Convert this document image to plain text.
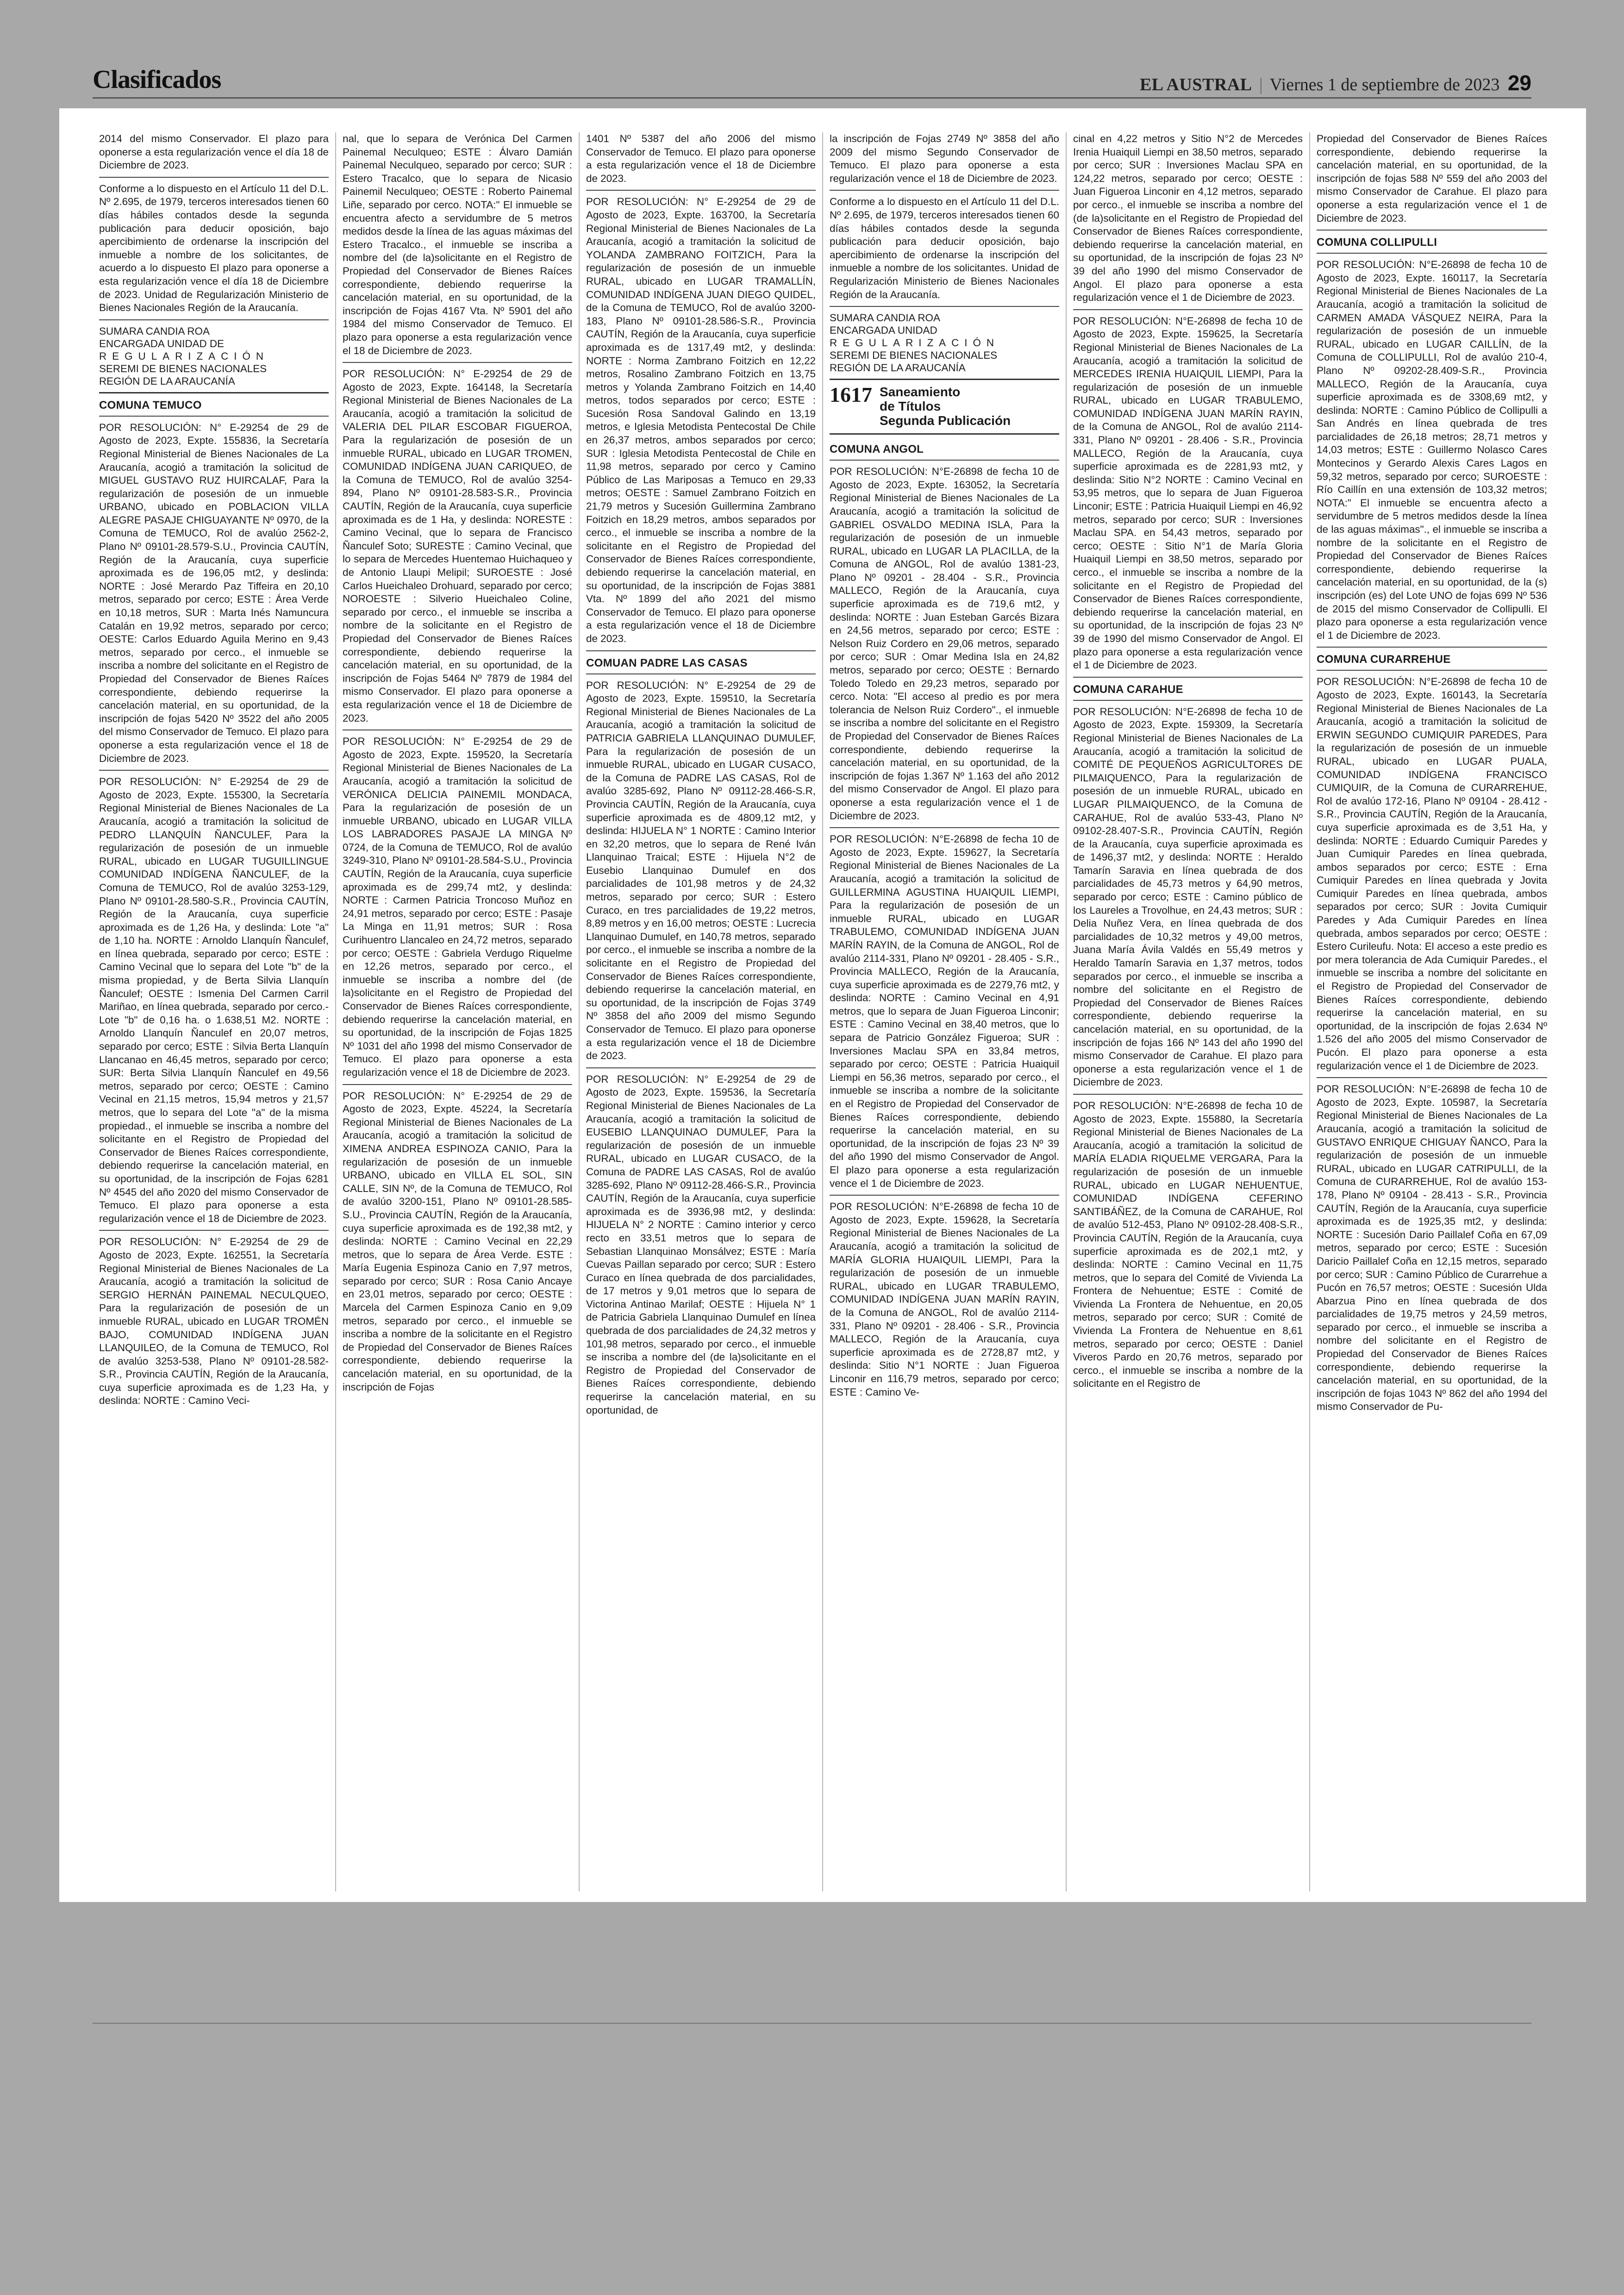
Clasificados	EL AUSTRAL | Viernes 1 de septiembre de 2023 29

2014 del mismo Conservador. El plazo para oponerse a esta regularización vence el día 18 de Diciembre de 2023.

Conforme a lo dispuesto en el Artículo 11 del D.L. Nº 2.695, de 1979, terceros interesados tienen 60 días hábiles contados desde la segunda publicación para deducir oposición, bajo apercibimiento de ordenarse la inscripción del inmueble a nombre de los solicitantes, de acuerdo a lo dispuesto El plazo para oponerse a esta regularización vence el día 18 de Diciembre de 2023. Unidad de Regularización Ministerio de Bienes Nacionales Región de la Araucanía.

SUMARA CANDIA ROA
ENCARGADA UNIDAD DE
REGULARIZACIÓN
SEREMI DE BIENES NACIONALES
REGIÓN DE LA ARAUCANÍA
COMUNA TEMUCO

POR RESOLUCIÓN: N° E-29254 de 29 de Agosto de 2023, Expte. 155836, la Secretaría Regional Ministerial de Bienes Nacionales de La Araucanía, acogió a tramitación la solicitud de MIGUEL GUSTAVO RUZ HUIRCALAF, Para la regularización de posesión de un inmueble URBANO, ubicado en POBLACION VILLA ALEGRE PASAJE CHIGUAYANTE Nº 0970, de la Comuna de TEMUCO, Rol de avalúo 2562-2, Plano Nº 09101-28.579-S.U., Provincia CAUTÍN, Región de la Araucanía, cuya superficie aproximada es de 196,05 mt2, y deslinda: NORTE : José Merardo Paz Tiffeira en 20,10 metros, separado por cerco; ESTE : Área Verde en 10,18 metros, SUR : Marta Inés Namuncura Catalán en 19,92 metros, separado por cerco; OESTE: Carlos Eduardo Aguila Merino en 9,43 metros, separado por cerco., el inmueble se inscriba a nombre del solicitante en el Registro de Propiedad del Conservador de Bienes Raíces correspondiente, debiendo requerirse la cancelación material, en su oportunidad, de la inscripción de fojas 5420 Nº 3522 del año 2005 del mismo Conservador de Temuco. El plazo para oponerse a esta regularización vence el 18 de Diciembre de 2023.

POR RESOLUCIÓN: N° E-29254 de 29 de Agosto de 2023, Expte. 155300, la Secretaría Regional Ministerial de Bienes Nacionales de La Araucanía, acogió a tramitación la solicitud de PEDRO LLANQUÍN ÑANCULEF, Para la regularización de posesión de un inmueble RURAL, ubicado en LUGAR TUGUILLINGUE COMUNIDAD INDÍGENA ÑANCULEF, de la Comuna de TEMUCO, Rol de avalúo 3253-129, Plano Nº 09101-28.580-S.R., Provincia CAUTÍN, Región de la Araucanía, cuya superficie aproximada es de 1,26 Ha, y deslinda: Lote "a" de 1,10 ha. NORTE : Arnoldo Llanquín Ñanculef, en línea quebrada, separado por cerco; ESTE : Camino Vecinal que lo separa del Lote "b" de la misma propiedad, y de Berta Silvia Llanquín Ñanculef; OESTE : Ismenia Del Carmen Carril Mariñao, en línea quebrada, separado por cerco.- Lote "b" de 0,16 ha. o 1.638,51 M2. NORTE : Arnoldo Llanquín Ñanculef en 20,07 metros, separado por cerco; ESTE : Silvia Berta Llanquín Llancanao en 46,45 metros, separado por cerco; SUR: Berta Silvia Llanquín Ñanculef en 49,56 metros, separado por cerco; OESTE : Camino Vecinal en 21,15 metros, 15,94 metros y 21,57 metros, que lo separa del Lote "a" de la misma propiedad., el inmueble se inscriba a nombre del solicitante en el Registro de Propiedad del Conservador de Bienes Raíces correspondiente, debiendo requerirse la cancelación material, en su oportunidad, de la inscripción de Fojas 6281 Nº 4545 del año 2020 del mismo Conservador de Temuco. El plazo para oponerse a esta regularización vence el 18 de Diciembre de 2023.

POR RESOLUCIÓN: N° E-29254 de 29 de Agosto de 2023, Expte. 162551, la Secretaría Regional Ministerial de Bienes Nacionales de La Araucanía, acogió a tramitación la solicitud de SERGIO HERNÁN PAINEMAL NECULQUEO, Para la regularización de posesión de un inmueble RURAL, ubicado en LUGAR TROMÉN BAJO, COMUNIDAD INDÍGENA JUAN LLANQUILEO, de la Comuna de TEMUCO, Rol de avalúo 3253-538, Plano Nº 09101-28.582-S.R., Provincia CAUTÍN, Región de la Araucanía, cuya superficie aproximada es de 1,23 Ha, y deslinda: NORTE : Camino Veci-

nal, que lo separa de Verónica Del Carmen Painemal Neculqueo; ESTE : Álvaro Damián Painemal Neculqueo, separado por cerco; SUR : Estero Tracalco, que lo separa de Nicasio Painemil Neculqueo; OESTE : Roberto Painemal Liñe, separado por cerco. NOTA:" El inmueble se encuentra afecto a servidumbre de 5 metros medidos desde la línea de las aguas máximas del Estero Tracalco., el inmueble se inscriba a nombre del (de la)solicitante en el Registro de Propiedad del Conservador de Bienes Raíces correspondiente, debiendo requerirse la cancelación material, en su oportunidad, de la inscripción de Fojas 4167 Vta. Nº 5901 del año 1984 del mismo Conservador de Temuco. El plazo para oponerse a esta regularización vence el 18 de Diciembre de 2023.

POR RESOLUCIÓN: N° E-29254 de 29 de Agosto de 2023, Expte. 164148, la Secretaría Regional Ministerial de Bienes Nacionales de La Araucanía, acogió a tramitación la solicitud de VALERIA DEL PILAR ESCOBAR FIGUEROA, Para la regularización de posesión de un inmueble RURAL, ubicado en LUGAR TROMEN, COMUNIDAD INDÍGENA JUAN CARIQUEO, de la Comuna de TEMUCO, Rol de avalúo 3254-894, Plano Nº 09101-28.583-S.R., Provincia CAUTÍN, Región de la Araucanía, cuya superficie aproximada es de 1 Ha, y deslinda: NORESTE : Camino Vecinal, que lo separa de Francisco Ñanculef Soto; SURESTE : Camino Vecinal, que lo separa de Mercedes Huentemao Huichaqueo y de Antonio Llaupi Melipil; SUROESTE : José Carlos Hueichaleo Drohuard, separado por cerco; NOROESTE : Silverio Hueichaleo Coline, separado por cerco., el inmueble se inscriba a nombre de la solicitante en el Registro de Propiedad del Conservador de Bienes Raíces correspondiente, debiendo requerirse la cancelación material, en su oportunidad, de la inscripción de Fojas 5464 Nº 7879 de 1984 del mismo Conservador. El plazo para oponerse a esta regularización vence el 18 de Diciembre de 2023.

POR RESOLUCIÓN: N° E-29254 de 29 de Agosto de 2023, Expte. 159520, la Secretaría Regional Ministerial de Bienes Nacionales de La Araucanía, acogió a tramitación la solicitud de VERÓNICA DELICIA PAINEMIL MONDACA, Para la regularización de posesión de un inmueble URBANO, ubicado en LUGAR VILLA LOS LABRADORES PASAJE LA MINGA Nº 0724, de la Comuna de TEMUCO, Rol de avalúo 3249-310, Plano Nº 09101-28.584-S.U., Provincia CAUTÍN, Región de la Araucanía, cuya superficie aproximada es de 299,74 mt2, y deslinda: NORTE : Carmen Patricia Troncoso Muñoz en 24,91 metros, separado por cerco; ESTE : Pasaje La Minga en 11,91 metros; SUR : Rosa Curihuentro Llancaleo en 24,72 metros, separado por cerco; OESTE : Gabriela Verdugo Riquelme en 12,26 metros, separado por cerco., el inmueble se inscriba a nombre del (de la)solicitante en el Registro de Propiedad del Conservador de Bienes Raíces correspondiente, debiendo requerirse la cancelación material, en su oportunidad, de la inscripción de Fojas 1825 Nº 1031 del año 1998 del mismo Conservador de Temuco. El plazo para oponerse a esta regularización vence el 18 de Diciembre de 2023.

POR RESOLUCIÓN: N° E-29254 de 29 de Agosto de 2023, Expte. 45224, la Secretaría Regional Ministerial de Bienes Nacionales de La Araucanía, acogió a tramitación la solicitud de XIMENA ANDREA ESPINOZA CANIO, Para la regularización de posesión de un inmueble URBANO, ubicado en VILLA EL SOL, SIN CALLE, SIN Nº, de la Comuna de TEMUCO, Rol de avalúo 3200-151, Plano Nº 09101-28.585-S.U., Provincia CAUTÍN, Región de la Araucanía, cuya superficie aproximada es de 192,38 mt2, y deslinda: NORTE : Camino Vecinal en 22,29 metros, que lo separa de Área Verde. ESTE : María Eugenia Espinoza Canio en 7,97 metros, separado por cerco; SUR : Rosa Canio Ancaye en 23,01 metros, separado por cerco; OESTE : Marcela del Carmen Espinoza Canio en 9,09 metros, separado por cerco., el inmueble se inscriba a nombre de la solicitante en el Registro de Propiedad del Conservador de Bienes Raíces correspondiente, debiendo requerirse la cancelación material, en su oportunidad, de la inscripción de Fojas

1401 Nº 5387 del año 2006 del mismo Conservador de Temuco. El plazo para oponerse a esta regularización vence el 18 de Diciembre de 2023.

POR RESOLUCIÓN: N° E-29254 de 29 de Agosto de 2023, Expte. 163700, la Secretaría Regional Ministerial de Bienes Nacionales de La Araucanía, acogió a tramitación la solicitud de YOLANDA ZAMBRANO FOITZICH, Para la regularización de posesión de un inmueble RURAL, ubicado en LUGAR TRAMALLÍN, COMUNIDAD INDÍGENA JUAN DIEGO QUIDEL, de la Comuna de TEMUCO, Rol de avalúo 3200-183, Plano Nº 09101-28.586-S.R., Provincia CAUTÍN, Región de la Araucanía, cuya superficie aproximada es de 1317,49 mt2, y deslinda: NORTE : Norma Zambrano Foitzich en 12,22 metros, Rosalino Zambrano Foitzich en 13,75 metros y Yolanda Zambrano Foitzich en 14,40 metros, todos separados por cerco; ESTE : Sucesión Rosa Sandoval Galindo en 13,19 metros, e Iglesia Metodista Pentecostal De Chile en 26,37 metros, ambos separados por cerco; SUR : Iglesia Metodista Pentecostal de Chile en 11,98 metros, separado por cerco y Camino Público de Las Mariposas a Temuco en 29,33 metros; OESTE : Samuel Zambrano Foitzich en 21,79 metros y Sucesión Guillermina Zambrano Foitzich en 18,29 metros, ambos separados por cerco., el inmueble se inscriba a nombre de la solicitante en el Registro de Propiedad del Conservador de Bienes Raíces correspondiente, debiendo requerirse la cancelación material, en su oportunidad, de la inscripción de Fojas 3881 Vta. Nº 1899 del año 2021 del mismo Conservador de Temuco. El plazo para oponerse a esta regularización vence el 18 de Diciembre de 2023.

COMUAN PADRE LAS CASAS

POR RESOLUCIÓN: N° E-29254 de 29 de Agosto de 2023, Expte. 159510, la Secretaría Regional Ministerial de Bienes Nacionales de La Araucanía, acogió a tramitación la solicitud de PATRICIA GABRIELA LLANQUINAO DUMULEF, Para la regularización de posesión de un inmueble RURAL, ubicado en LUGAR CUSACO, de la Comuna de PADRE LAS CASAS, Rol de avalúo 3285-692, Plano Nº 09112-28.466-S.R, Provincia CAUTÍN, Región de la Araucanía, cuya superficie aproximada es de 4809,12 mt2, y deslinda: HIJUELA N° 1 NORTE : Camino Interior en 32,20 metros, que lo separa de René Iván Llanquinao Traical; ESTE : Hijuela N°2 de Eusebio Llanquinao Dumulef en dos parcialidades de 101,98 metros y de 24,32 metros, separado por cerco; SUR : Estero Curaco, en tres parcialidades de 19,22 metros, 8,89 metros y en 16,00 metros; OESTE : Lucrecia Llanquinao Dumulef, en 140,78 metros, separado por cerco., el inmueble se inscriba a nombre de la solicitante en el Registro de Propiedad del Conservador de Bienes Raíces correspondiente, debiendo requerirse la cancelación material, en su oportunidad, de la inscripción de Fojas 3749 Nº 3858 del año 2009 del mismo Segundo Conservador de Temuco. El plazo para oponerse a esta regularización vence el 18 de Diciembre de 2023.

POR RESOLUCIÓN: N° E-29254 de 29 de Agosto de 2023, Expte. 159536, la Secretaría Regional Ministerial de Bienes Nacionales de La Araucanía, acogió a tramitación la solicitud de EUSEBIO LLANQUINAO DUMULEF, Para la regularización de posesión de un inmueble RURAL, ubicado en LUGAR CUSACO, de la Comuna de PADRE LAS CASAS, Rol de avalúo 3285-692, Plano Nº 09112-28.466-S.R., Provincia CAUTÍN, Región de la Araucanía, cuya superficie aproximada es de 3936,98 mt2, y deslinda: HIJUELA N° 2 NORTE : Camino interior y cerco recto en 33,51 metros que lo separa de Sebastian Llanquinao Monsálvez; ESTE : María Cuevas Paillan separado por cerco; SUR : Estero Curaco en línea quebrada de dos parcialidades, de 17 metros y 9,01 metros que lo separa de Victorina Antinao Marilaf; OESTE : Hijuela N° 1 de Patricia Gabriela Llanquinao Dumulef en línea quebrada de dos parcialidades de 24,32 metros y 101,98 metros, separado por cerco., el inmueble se inscriba a nombre del (de la)solicitante en el Registro de Propiedad del Conservador de Bienes Raíces correspondiente, debiendo requerirse la cancelación material, en su oportunidad, de

la inscripción de Fojas 2749 Nº 3858 del año 2009 del mismo Segundo Conservador de Temuco. El plazo para oponerse a esta regularización vence el 18 de Diciembre de 2023.

Conforme a lo dispuesto en el Artículo 11 del D.L. Nº 2.695, de 1979, terceros interesados tienen 60 días hábiles contados desde la segunda publicación para deducir oposición, bajo apercibimiento de ordenarse la inscripción del inmueble a nombre de los solicitantes. Unidad de Regularización Ministerio de Bienes Nacionales Región de la Araucanía.

SUMARA CANDIA ROA
ENCARGADA UNIDAD
REGULARIZACIÓN
SEREMI DE BIENES NACIONALES
REGIÓN DE LA ARAUCANÍA
1617 Saneamiento
de Títulos
Segunda Publicación
COMUNA ANGOL

POR RESOLUCIÓN: N°E-26898 de fecha 10 de Agosto de 2023, Expte. 163052, la Secretaría Regional Ministerial de Bienes Nacionales de La Araucanía, acogió a tramitación la solicitud de GABRIEL OSVALDO MEDINA ISLA, Para la regularización de posesión de un inmueble RURAL, ubicado en LUGAR LA PLACILLA, de la Comuna de ANGOL, Rol de avalúo 1381-23, Plano Nº 09201 - 28.404 - S.R., Provincia MALLECO, Región de la Araucanía, cuya superficie aproximada es de 719,6 mt2, y deslinda: NORTE : Juan Esteban Garcés Bizara en 24,56 metros, separado por cerco; ESTE : Nelson Ruiz Cordero en 29,06 metros, separado por cerco; SUR : Omar Medina Isla en 24,82 metros, separado por cerco; OESTE : Bernardo Toledo Toledo en 29,23 metros, separado por cerco. Nota: "El acceso al predio es por mera tolerancia de Nelson Ruiz Cordero"., el inmueble se inscriba a nombre del solicitante en el Registro de Propiedad del Conservador de Bienes Raíces correspondiente, debiendo requerirse la cancelación material, en su oportunidad, de la inscripción de fojas 1.367 Nº 1.163 del año 2012 del mismo Conservador de Angol. El plazo para oponerse a esta regularización vence el 1 de Diciembre de 2023.

POR RESOLUCIÓN: N°E-26898 de fecha 10 de Agosto de 2023, Expte. 159627, la Secretaría Regional Ministerial de Bienes Nacionales de La Araucanía, acogió a tramitación la solicitud de GUILLERMINA AGUSTINA HUAIQUIL LIEMPI, Para la regularización de posesión de un inmueble RURAL, ubicado en LUGAR TRABULEMO, COMUNIDAD INDÍGENA JUAN MARÍN RAYIN, de la Comuna de ANGOL, Rol de avalúo 2114-331, Plano Nº 09201 - 28.405 - S.R., Provincia MALLECO, Región de la Araucanía, cuya superficie aproximada es de 2279,76 mt2, y deslinda: NORTE : Camino Vecinal en 4,91 metros, que lo separa de Juan Figueroa Linconir; ESTE : Camino Vecinal en 38,40 metros, que lo separa de Patricio González Figueroa; SUR : Inversiones Maclau SPA en 33,84 metros, separado por cerco; OESTE : Patricia Huaiquil Liempi en 56,36 metros, separado por cerco., el inmueble se inscriba a nombre de la solicitante en el Registro de Propiedad del Conservador de Bienes Raíces correspondiente, debiendo requerirse la cancelación material, en su oportunidad, de la inscripción de fojas 23 Nº 39 del año 1990 del mismo Conservador de Angol. El plazo para oponerse a esta regularización vence el 1 de Diciembre de 2023.

POR RESOLUCIÓN: N°E-26898 de fecha 10 de Agosto de 2023, Expte. 159628, la Secretaría Regional Ministerial de Bienes Nacionales de La Araucanía, acogió a tramitación la solicitud de MARÍA GLORIA HUAIQUIL LIEMPI, Para la regularización de posesión de un inmueble RURAL, ubicado en LUGAR TRABULEMO, COMUNIDAD INDÍGENA JUAN MARÍN RAYIN, de la Comuna de ANGOL, Rol de avalúo 2114-331, Plano Nº 09201 - 28.406 - S.R., Provincia MALLECO, Región de la Araucanía, cuya superficie aproximada es de 2728,87 mt2, y deslinda: Sitio N°1 NORTE : Juan Figueroa Linconir en 116,79 metros, separado por cerco; ESTE : Camino Ve-

cinal en 4,22 metros y Sitio N°2 de Mercedes Irenia Huaiquil Liempi en 38,50 metros, separado por cerco; SUR : Inversiones Maclau SPA en 124,22 metros, separado por cerco; OESTE : Juan Figueroa Linconir en 4,12 metros, separado por cerco., el inmueble se inscriba a nombre del (de la)solicitante en el Registro de Propiedad del Conservador de Bienes Raíces correspondiente, debiendo requerirse la cancelación material, en su oportunidad, de la inscripción de fojas 23 Nº 39 del año 1990 del mismo Conservador de Angol. El plazo para oponerse a esta regularización vence el 1 de Diciembre de 2023.

POR RESOLUCIÓN: N°E-26898 de fecha 10 de Agosto de 2023, Expte. 159625, la Secretaría Regional Ministerial de Bienes Nacionales de La Araucanía, acogió a tramitación la solicitud de MERCEDES IRENIA HUAIQUIL LIEMPI, Para la regularización de posesión de un inmueble RURAL, ubicado en LUGAR TRABULEMO, COMUNIDAD INDÍGENA JUAN MARÍN RAYIN, de la Comuna de ANGOL, Rol de avalúo 2114-331, Plano Nº 09201 - 28.406 - S.R., Provincia MALLECO, Región de la Araucanía, cuya superficie aproximada es de 2281,93 mt2, y deslinda: Sitio N°2 NORTE : Camino Vecinal en 53,95 metros, que lo separa de Juan Figueroa Linconir; ESTE : Patricia Huaiquil Liempi en 46,92 metros, separado por cerco; SUR : Inversiones Maclau SPA. en 54,43 metros, separado por cerco; OESTE : Sitio N°1 de María Gloria Huaiquil Liempi en 38,50 metros, separado por cerco., el inmueble se inscriba a nombre de la solicitante en el Registro de Propiedad del Conservador de Bienes Raíces correspondiente, debiendo requerirse la cancelación material, en su oportunidad, de la inscripción de fojas 23 Nº 39 de 1990 del mismo Conservador de Angol. El plazo para oponerse a esta regularización vence el 1 de Diciembre de 2023.

COMUNA CARAHUE

POR RESOLUCIÓN: N°E-26898 de fecha 10 de Agosto de 2023, Expte. 159309, la Secretaría Regional Ministerial de Bienes Nacionales de La Araucanía, acogió a tramitación la solicitud de COMITÉ DE PEQUEÑOS AGRICULTORES DE PILMAIQUENCO, Para la regularización de posesión de un inmueble RURAL, ubicado en LUGAR PILMAIQUENCO, de la Comuna de CARAHUE, Rol de avalúo 533-43, Plano Nº 09102-28.407-S.R., Provincia CAUTÍN, Región de la Araucanía, cuya superficie aproximada es de 1496,37 mt2, y deslinda: NORTE : Heraldo Tamarín Saravia en línea quebrada de dos parcialidades de 45,73 metros y 64,90 metros, separado por cerco; ESTE : Camino público de los Laureles a Trovolhue, en 24,43 metros; SUR : Delia Nuñez Vera, en línea quebrada de dos parcialidades de 10,32 metros y 49,00 metros, Juana María Ávila Valdés en 55,49 metros y Heraldo Tamarín Saravia en 1,37 metros, todos separados por cerco., el inmueble se inscriba a nombre del solicitante en el Registro de Propiedad del Conservador de Bienes Raíces correspondiente, debiendo requerirse la cancelación material, en su oportunidad, de la inscripción de fojas 166 Nº 143 del año 1990 del mismo Conservador de Carahue. El plazo para oponerse a esta regularización vence el 1 de Diciembre de 2023.

POR RESOLUCIÓN: N°E-26898 de fecha 10 de Agosto de 2023, Expte. 155880, la Secretaría Regional Ministerial de Bienes Nacionales de La Araucanía, acogió a tramitación la solicitud de MARÍA ELADIA RIQUELME VERGARA, Para la regularización de posesión de un inmueble RURAL, ubicado en LUGAR NEHUENTUE, COMUNIDAD INDÍGENA CEFERINO SANTIBÁÑEZ, de la Comuna de CARAHUE, Rol de avalúo 512-453, Plano Nº 09102-28.408-S.R., Provincia CAUTÍN, Región de la Araucanía, cuya superficie aproximada es de 202,1 mt2, y deslinda: NORTE : Camino Vecinal en 11,75 metros, que lo separa del Comité de Vivienda La Frontera de Nehuentue; ESTE : Comité de Vivienda La Frontera de Nehuentue, en 20,05 metros, separado por cerco; SUR : Comité de Vivienda La Frontera de Nehuentue en 8,61 metros, separado por cerco; OESTE : Daniel Viveros Pardo en 20,76 metros, separado por cerco., el inmueble se inscriba a nombre de la solicitante en el Registro de

Propiedad del Conservador de Bienes Raíces correspondiente, debiendo requerirse la cancelación material, en su oportunidad, de la inscripción de fojas 588 Nº 559 del año 2003 del mismo Conservador de Carahue. El plazo para oponerse a esta regularización vence el 1 de Diciembre de 2023.

COMUNA COLLIPULLI

POR RESOLUCIÓN: N°E-26898 de fecha 10 de Agosto de 2023, Expte. 160117, la Secretaría Regional Ministerial de Bienes Nacionales de La Araucanía, acogió a tramitación la solicitud de CARMEN AMADA VÁSQUEZ NEIRA, Para la regularización de posesión de un inmueble RURAL, ubicado en LUGAR CAILLÍN, de la Comuna de COLLIPULLI, Rol de avalúo 210-4, Plano Nº 09202-28.409-S.R., Provincia MALLECO, Región de la Araucanía, cuya superficie aproximada es de 3308,69 mt2, y deslinda: NORTE : Camino Público de Collipulli a San Andrés en línea quebrada de tres parcialidades de 26,18 metros; 28,71 metros y 14,03 metros; ESTE : Guillermo Nolasco Cares Montecinos y Gerardo Alexis Cares Lagos en 59,32 metros, separado por cerco; SUROESTE : Río Caillín en una extensión de 103,32 metros; NOTA:" El inmueble se encuentra afecto a servidumbre de 5 metros medidos desde la línea de las aguas máximas"., el inmueble se inscriba a nombre de la solicitante en el Registro de Propiedad del Conservador de Bienes Raíces correspondiente, debiendo requerirse la cancelación material, en su oportunidad, de la (s) inscripción (es) del Lote UNO de fojas 699 Nº 536 de 2015 del mismo Conservador de Collipulli. El plazo para oponerse a esta regularización vence el 1 de Diciembre de 2023.

COMUNA CURARREHUE

POR RESOLUCIÓN: N°E-26898 de fecha 10 de Agosto de 2023, Expte. 160143, la Secretaría Regional Ministerial de Bienes Nacionales de La Araucanía, acogió a tramitación la solicitud de ERWIN SEGUNDO CUMIQUIR PAREDES, Para la regularización de posesión de un inmueble RURAL, ubicado en LUGAR PUALA, COMUNIDAD INDÍGENA FRANCISCO CUMIQUIR, de la Comuna de CURARREHUE, Rol de avalúo 172-16, Plano Nº 09104 - 28.412 - S.R., Provincia CAUTÍN, Región de la Araucanía, cuya superficie aproximada es de 3,51 Ha, y deslinda: NORTE : Eduardo Cumiquir Paredes y Juan Cumiquir Paredes en línea quebrada, ambos separados por cerco; ESTE : Erna Cumiquir Paredes en línea quebrada y Jovita Cumiquir Paredes en línea quebrada, ambos separados por cerco; SUR : Jovita Cumiquir Paredes y Ada Cumiquir Paredes en línea quebrada, ambos separados por cerco; OESTE : Estero Curileufu. Nota: El acceso a este predio es por mera tolerancia de Ada Cumiquir Paredes., el inmueble se inscriba a nombre del solicitante en el Registro de Propiedad del Conservador de Bienes Raíces correspondiente, debiendo requerirse la cancelación material, en su oportunidad, de la inscripción de fojas 2.634 Nº 1.526 del año 2005 del mismo Conservador de Pucón. El plazo para oponerse a esta regularización vence el 1 de Diciembre de 2023.

POR RESOLUCIÓN: N°E-26898 de fecha 10 de Agosto de 2023, Expte. 105987, la Secretaría Regional Ministerial de Bienes Nacionales de La Araucanía, acogió a tramitación la solicitud de GUSTAVO ENRIQUE CHIGUAY ÑANCO, Para la regularización de posesión de un inmueble RURAL, ubicado en LUGAR CATRIPULLI, de la Comuna de CURARREHUE, Rol de avalúo 153-178, Plano Nº 09104 - 28.413 - S.R., Provincia CAUTÍN, Región de la Araucanía, cuya superficie aproximada es de 1925,35 mt2, y deslinda: NORTE : Sucesión Dario Paillalef Coña en 67,09 metros, separado por cerco; ESTE : Sucesión Daricio Paillalef Coña en 12,15 metros, separado por cerco; SUR : Camino Público de Curarrehue a Pucón en 76,57 metros; OESTE : Sucesión Ulda Abarzua Pino en línea quebrada de dos parcialidades de 19,75 metros y 24,59 metros, separado por cerco., el inmueble se inscriba a nombre del solicitante en el Registro de Propiedad del Conservador de Bienes Raíces correspondiente, debiendo requerirse la cancelación material, en su oportunidad, de la inscripción de fojas 1043 Nº 862 del año 1994 del mismo Conservador de Pu-
